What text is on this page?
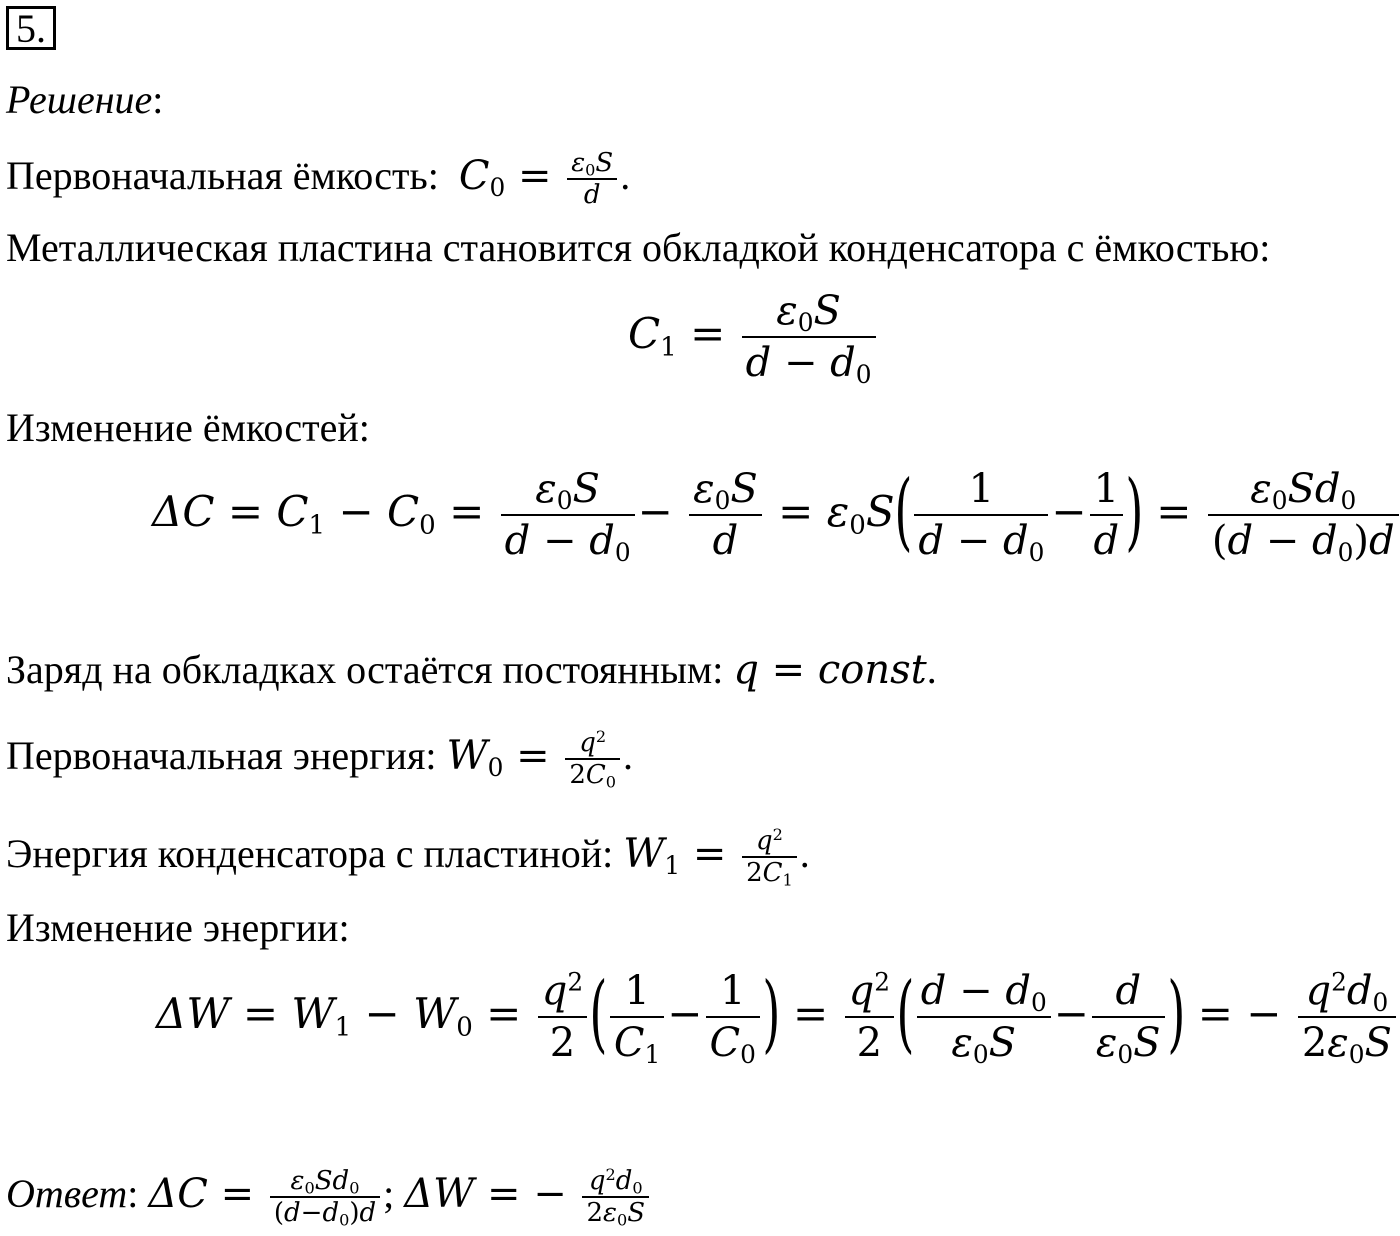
5.
Решение:
Первоначальная ёмкость: $C_0 = \frac{\varepsilon_0S}{d}$ .
Металлическая пластина становится обкладкой конденсатора с ёмкостью:
$C_1 = \frac{\varepsilon_0S}{d - d_0}$
Изменение ёмкостей:
$\Delta C = C_1 - C_0 = \frac{\varepsilon_0S}{d - d_0} - \frac{\varepsilon_0S}{d} = \varepsilon_0S( \frac{1}{d - d_0} - \frac{1}{d}$ ) = $\frac{\varepsilon_0Sd_0}{(d - d_0)d}$
Заряд на обкладках остаётся постоянным: q = const.
Первоначальная энергия: $W_0 = \frac{q^2}{2C_0}$ .
Энергия конденсатора с пластиной: $W_1 = \frac{q^2}{2C_1}$ .
Изменение энергии:
$\Delta W = W_1 - W_0 = \frac{q^2}{2}$ ( $\frac{1}{C_1} - \frac{1}{C_0}$ ) = $\frac{q^2}{2}$ ( $\frac{d - d_0}{\varepsilon_0S} - \frac{d}{\varepsilon_0S}$ ) = − $\frac{q^2d_0}{2\varepsilon_0S}$
Ответ: $\Delta C = \frac{\varepsilon_0Sd_0}{(d-d_0)d}$ ; ΔW = − $\frac{q^2d_0}{2\varepsilon_0S}$
